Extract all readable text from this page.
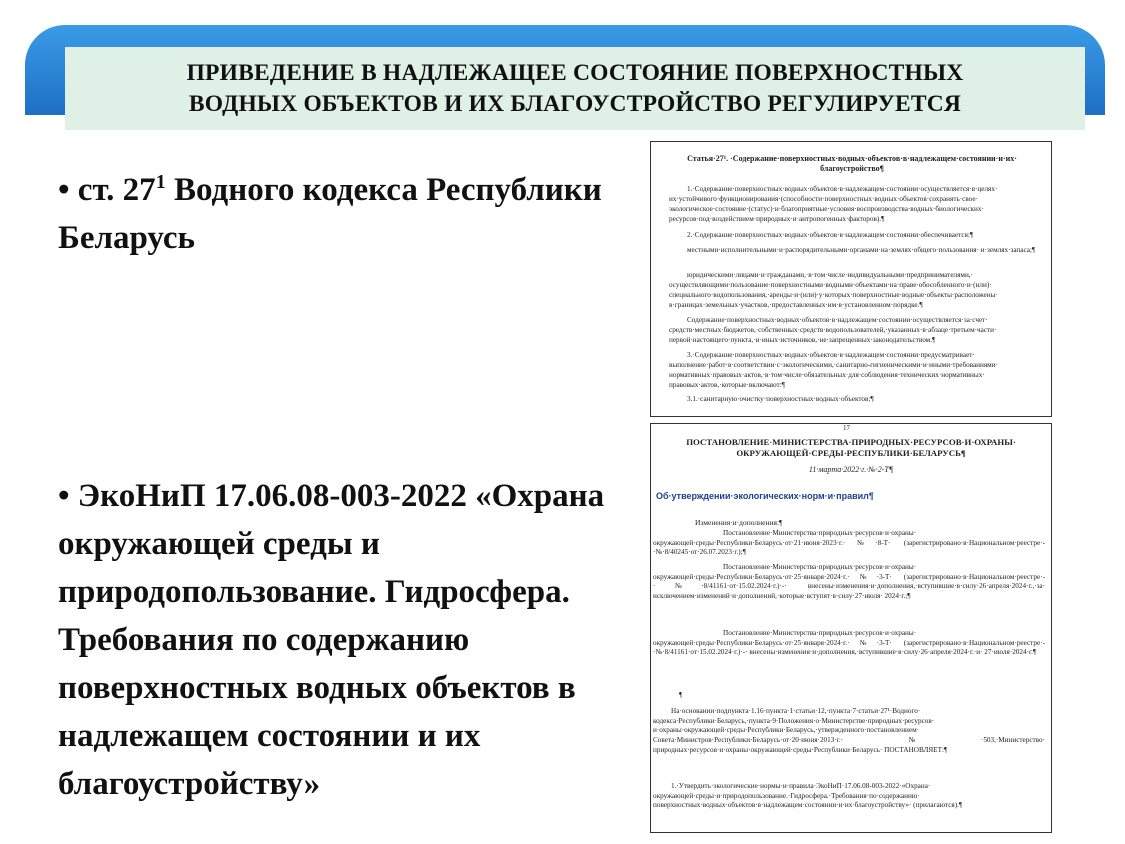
ПРИВЕДЕНИЕ В НАДЛЕЖАЩЕЕ СОСТОЯНИЕ ПОВЕРХНОСТНЫХ
ВОДНЫХ ОБЪЕКТОВ И ИХ БЛАГОУСТРОЙСТВО РЕГУЛИРУЕТСЯ
• ст. $27^1$ Водного кодекса Республики Беларусь
• ЭкоНиП 17.06.08-003-2022 «Охрана окружающей среды и природопользование. Гидросфера. Требования по содержанию поверхностных водных объектов в надлежащем состоянии и их благоустройству»
Статья·27¹. ·Содержание·поверхностных·водных·объектов·в·надлежащем·состоянии·и·их· благоустройство¶
1.·Содержание·поверхностных·водных·объектов·в·надлежащем·состоянии·осуществляется·в·целях· их·устойчивого·функционирования·(способности·поверхностных·водных·объектов·сохранять·свое· экологическое·состояние·(статус)·и·благоприятные·условия·воспроизводства·водных·биологических· ресурсов·под·воздействием·природных·и·антропогенных·факторов).¶
2.·Содержание·поверхностных·водных·объектов·в·надлежащем·состоянии·обеспечивается:¶
местными·исполнительными·и·распорядительными·органами·на·землях·общего·пользования· и·землях·запаса;¶
юридическими·лицами·и·гражданами,·в·том·числе·индивидуальными·предпринимателями,· осуществляющими·пользование·поверхностными·водными·объектами·на·праве·обособленного·и·(или)· специального·водопользования,·аренды·и·(или)·у·которых·поверхностные·водные·объекты·расположены· в·границах·земельных·участков,·предоставленных·им·в·установленном·порядке.¶
Содержание·поверхностных·водных·объектов·в·надлежащем·состоянии·осуществляется·за·счет· средств·местных·бюджетов,·собственных·средств·водопользователей,·указанных·в·абзаце·третьем·части· первой·настоящего·пункта,·и·иных·источников,·не·запрещенных·законодательством.¶
3.·Содержание·поверхностных·водных·объектов·в·надлежащем·состоянии·предусматривает· выполнение·работ·в·соответствии·с·экологическими,·санитарно-гигиеническими·и·иными·требованиями· нормативных·правовых·актов,·в·том·числе·обязательных·для·соблюдения·технических·нормативных· правовых·актов,·которые·включают:¶
3.1.·санитарную·очистку·поверхностных·водных·объектов;¶
17
ПОСТАНОВЛЕНИЕ·МИНИСТЕРСТВА·ПРИРОДНЫХ·РЕСУРСОВ·И·ОХРАНЫ· ОКРУЖАЮЩЕЙ·СРЕДЫ·РЕСПУБЛИКИ·БЕЛАРУСЬ¶
11·марта·2022·г.·№·2-Т¶
Об·утверждении·экологических·норм·и·правил¶
Изменения·и·дополнения:¶
Постановление·Министерства·природных·ресурсов·и·охраны· окружающей·среды·Республики·Беларусь·от·21·июня·2023·г.·№·8-Т· (зарегистрировано·в·Национальном·реестре·-·№·8/40245·от·26.07.2023·г.);¶
Постановление·Министерства·природных·ресурсов·и·охраны· окружающей·среды·Республики·Беларусь·от·25·января·2024·г.·№·3-Т· (зарегистрировано·в·Национальном·реестре·-·№·8/41161·от·15.02.2024·г.)·-· внесены·изменения·и·дополнения,·вступившие·в·силу·26·апреля·2024·г.,·за· исключением·изменений·и·дополнений,·которые·вступят·в·силу·27·июля· 2024·г.;¶
Постановление·Министерства·природных·ресурсов·и·охраны· окружающей·среды·Республики·Беларусь·от·25·января·2024·г.·№·3-Т· (зарегистрировано·в·Национальном·реестре·-·№·8/41161·от·15.02.2024·г.)·-· внесены·изменения·и·дополнения,·вступившие·в·силу·26·апреля·2024·г.·и· 27·июля·2024·г.¶
¶
На·основании·подпункта·1.16·пункта·1·статьи·12,·пункта·7·статьи·27¹·Водного· кодекса·Республики·Беларусь,·пункта·9·Положения·о·Министерстве·природных·ресурсов· и·охраны·окружающей·среды·Республики·Беларусь,·утвержденного·постановлением· Совета·Министров·Республики·Беларусь·от·20·июня·2013·г.·№·503,·Министерство· природных·ресурсов·и·охраны·окружающей·среды·Республики·Беларусь· ПОСТАНОВЛЯЕТ:¶
1.·Утвердить·экологические·нормы·и·правила·ЭкоНиП·17.06.08-003-2022·«Охрана· окружающей·среды·и·природопользование.·Гидросфера.·Требования·по·содержанию· поверхностных·водных·объектов·в·надлежащем·состоянии·и·их·благоустройству»· (прилагаются).¶
